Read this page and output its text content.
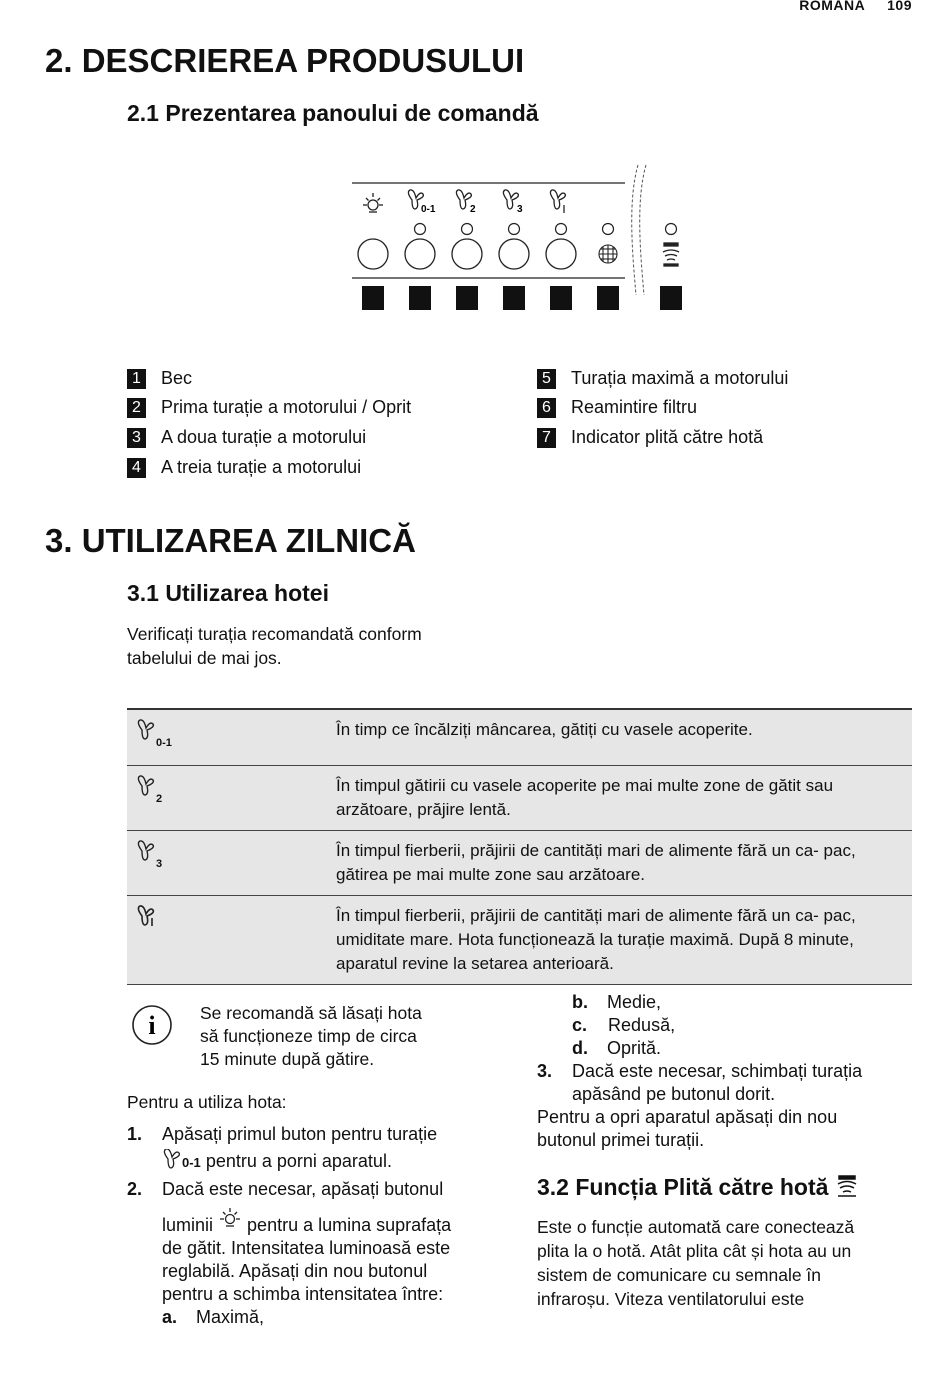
ROMANA 109
2. DESCRIEREA PRODUSULUI
2.1 Prezentarea panoului de comandă
0-1	2	3
1 Bec
2 Prima turație a motorului / Oprit
3 A doua turație a motorului
4 A treia turație a motorului
5 Turația maximă a motorului
6 Reamintire filtru
7 Indicator plită către hotă
3. UTILIZAREA ZILNICĂ
3.1 Utilizarea hotei
Verificați turația recomandată conform
tabelului de mai jos.
0-1	În timp ce încălziți mâncarea, gătiți cu vasele acoperite.
2	În timpul gătirii cu vasele acoperite pe mai multe zone de gătit sau arzătoare, prăjire lentă.
3	În timpul fierberii, prăjirii de cantități mari de alimente fără un ca- pac, gătirea pe mai multe zone sau arzătoare.
	În timpul fierberii, prăjirii de cantități mari de alimente fără un ca- pac, umiditate mare. Hota funcționează la turație maximă. După 8 minute, aparatul revine la setarea anterioară.
i	Se recomandă să lăsați hota
să funcționeze timp de circa
15 minute după gătire.
Pentru a utiliza hota:
1. Apăsați primul buton pentru turație
0-1 pentru a porni aparatul.
2. Dacă este necesar, apăsați butonul
luminii pentru a lumina suprafața
de gătit. Intensitatea luminoasă este
reglabilă. Apăsați din nou butonul
pentru a schimba intensitatea între:
a. Maximă,
b. Medie,
c. Redusă,
d. Oprită.
3. Dacă este necesar, schimbați turația
apăsând pe butonul dorit.
Pentru a opri aparatul apăsați din nou
butonul primei turații.
3.2 Funcția Plită către hotă
Este o funcție automată care conectează
plita la o hotă. Atât plita cât și hota au un
sistem de comunicare cu semnale în
infraroșu. Viteza ventilatorului este
